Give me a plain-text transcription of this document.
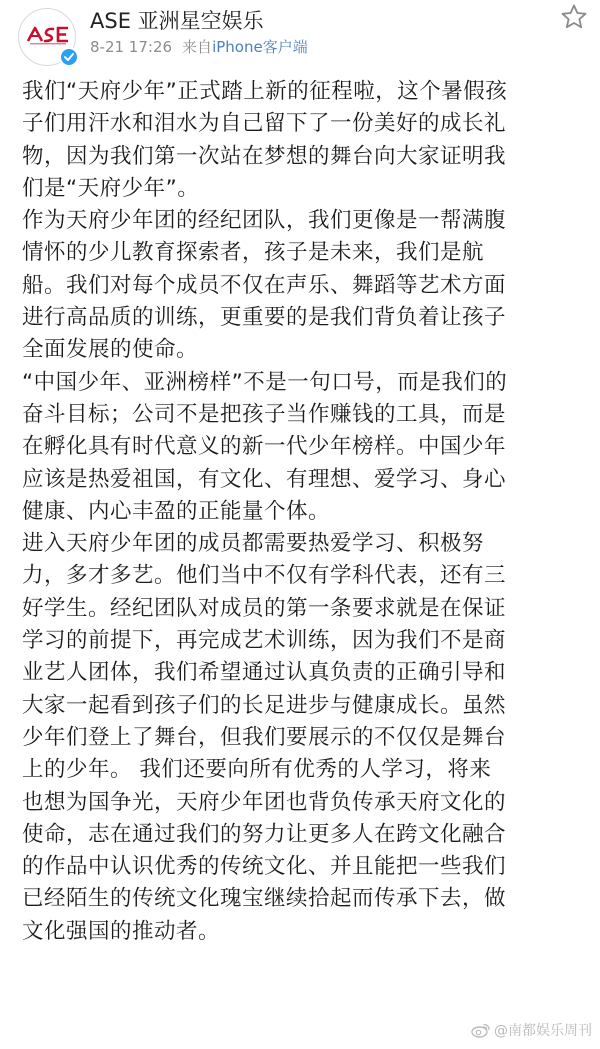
ASE 亚洲星空娱乐
8-21 17:26 来自iPhone客户端
我们“天府少年”正式踏上新的征程啦，这个暑假孩
子们用汗水和泪水为自己留下了一份美好的成长礼
物，因为我们第一次站在梦想的舞台向大家证明我
们是“天府少年”。
作为天府少年团的经纪团队，我们更像是一帮满腹
情怀的少儿教育探索者，孩子是未来，我们是航
船。我们对每个成员不仅在声乐、舞蹈等艺术方面
进行高品质的训练，更重要的是我们背负着让孩子
全面发展的使命。
“中国少年、亚洲榜样”不是一句口号，而是我们的
奋斗目标；公司不是把孩子当作赚钱的工具，而是
在孵化具有时代意义的新一代少年榜样。中国少年
应该是热爱祖国，有文化、有理想、爱学习、身心
健康、内心丰盈的正能量个体。
进入天府少年团的成员都需要热爱学习、积极努
力，多才多艺。他们当中不仅有学科代表，还有三
好学生。经纪团队对成员的第一条要求就是在保证
学习的前提下，再完成艺术训练，因为我们不是商
业艺人团体，我们希望通过认真负责的正确引导和
大家一起看到孩子们的长足进步与健康成长。虽然
少年们登上了舞台，但我们要展示的不仅仅是舞台
上的少年。 我们还要向所有优秀的人学习，将来
也想为国争光，天府少年团也背负传承天府文化的
使命，志在通过我们的努力让更多人在跨文化融合
的作品中认识优秀的传统文化、并且能把一些我们
已经陌生的传统文化瑰宝继续拾起而传承下去，做
文化强国的推动者。
@南都娱乐周刊
